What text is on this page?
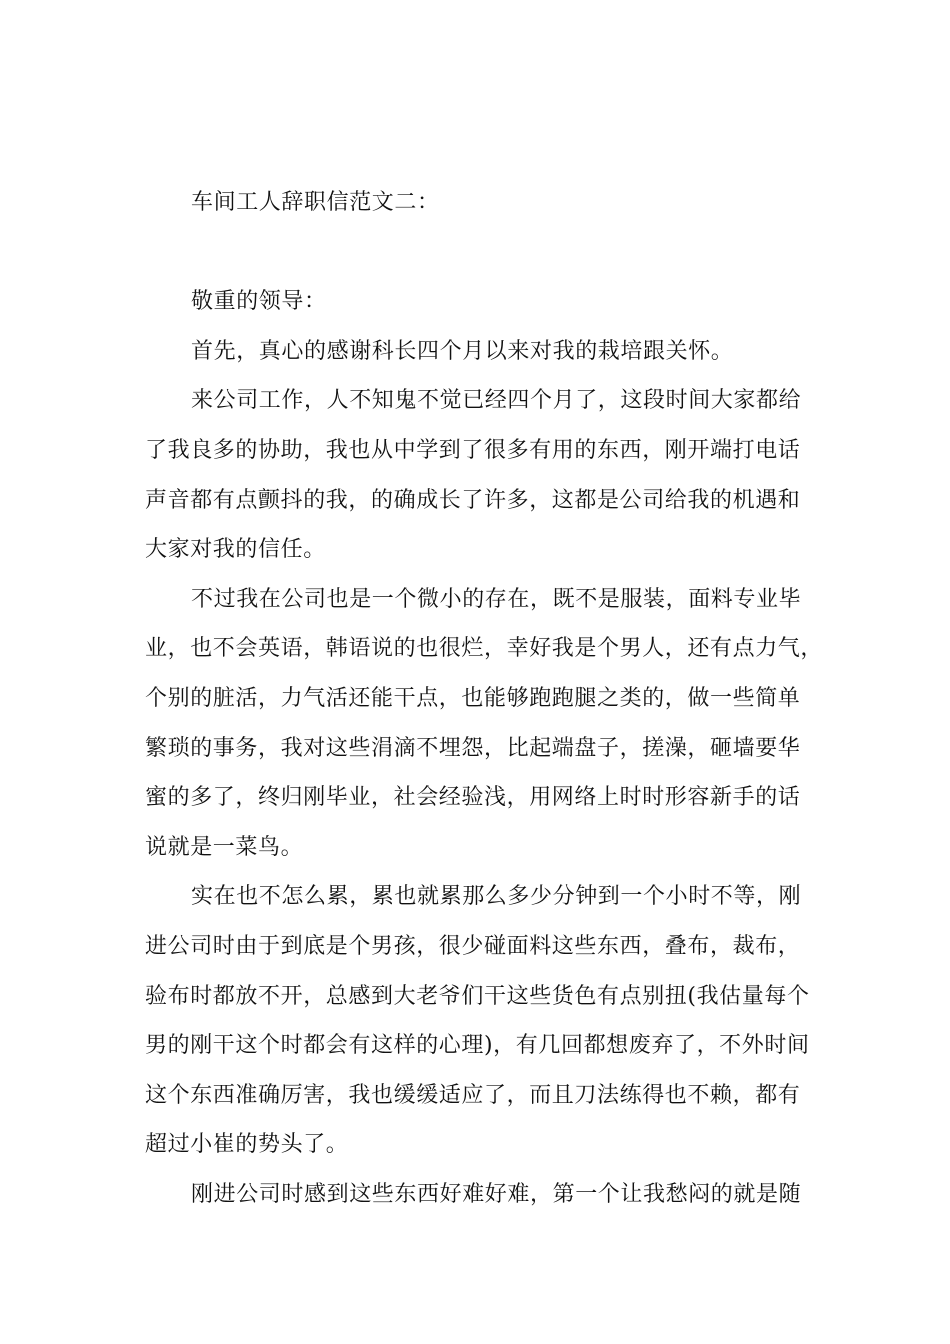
车间工人辞职信范文二：
敬重的领导：
首先，真心的感谢科长四个月以来对我的栽培跟关怀。
来公司工作，人不知鬼不觉已经四个月了，这段时间大家都给
了我良多的协助，我也从中学到了很多有用的东西，刚开端打电话
声音都有点颤抖的我，的确成长了许多，这都是公司给我的机遇和
大家对我的信任。
不过我在公司也是一个微小的存在，既不是服装，面料专业毕
业，也不会英语，韩语说的也很烂，幸好我是个男人，还有点力气，
个别的脏活，力气活还能干点，也能够跑跑腿之类的，做一些简单
繁琐的事务，我对这些涓滴不埋怨，比起端盘子，搓澡，砸墙要华
蜜的多了，终归刚毕业，社会经验浅，用网络上时时形容新手的话
说就是一菜鸟。
实在也不怎么累，累也就累那么多少分钟到一个小时不等，刚
进公司时由于到底是个男孩，很少碰面料这些东西，叠布，裁布，
验布时都放不开，总感到大老爷们干这些货色有点别扭(我估量每个
男的刚干这个时都会有这样的心理)，有几回都想废弃了，不外时间
这个东西准确厉害，我也缓缓适应了，而且刀法练得也不赖，都有
超过小崔的势头了。
刚进公司时感到这些东西好难好难，第一个让我愁闷的就是随
